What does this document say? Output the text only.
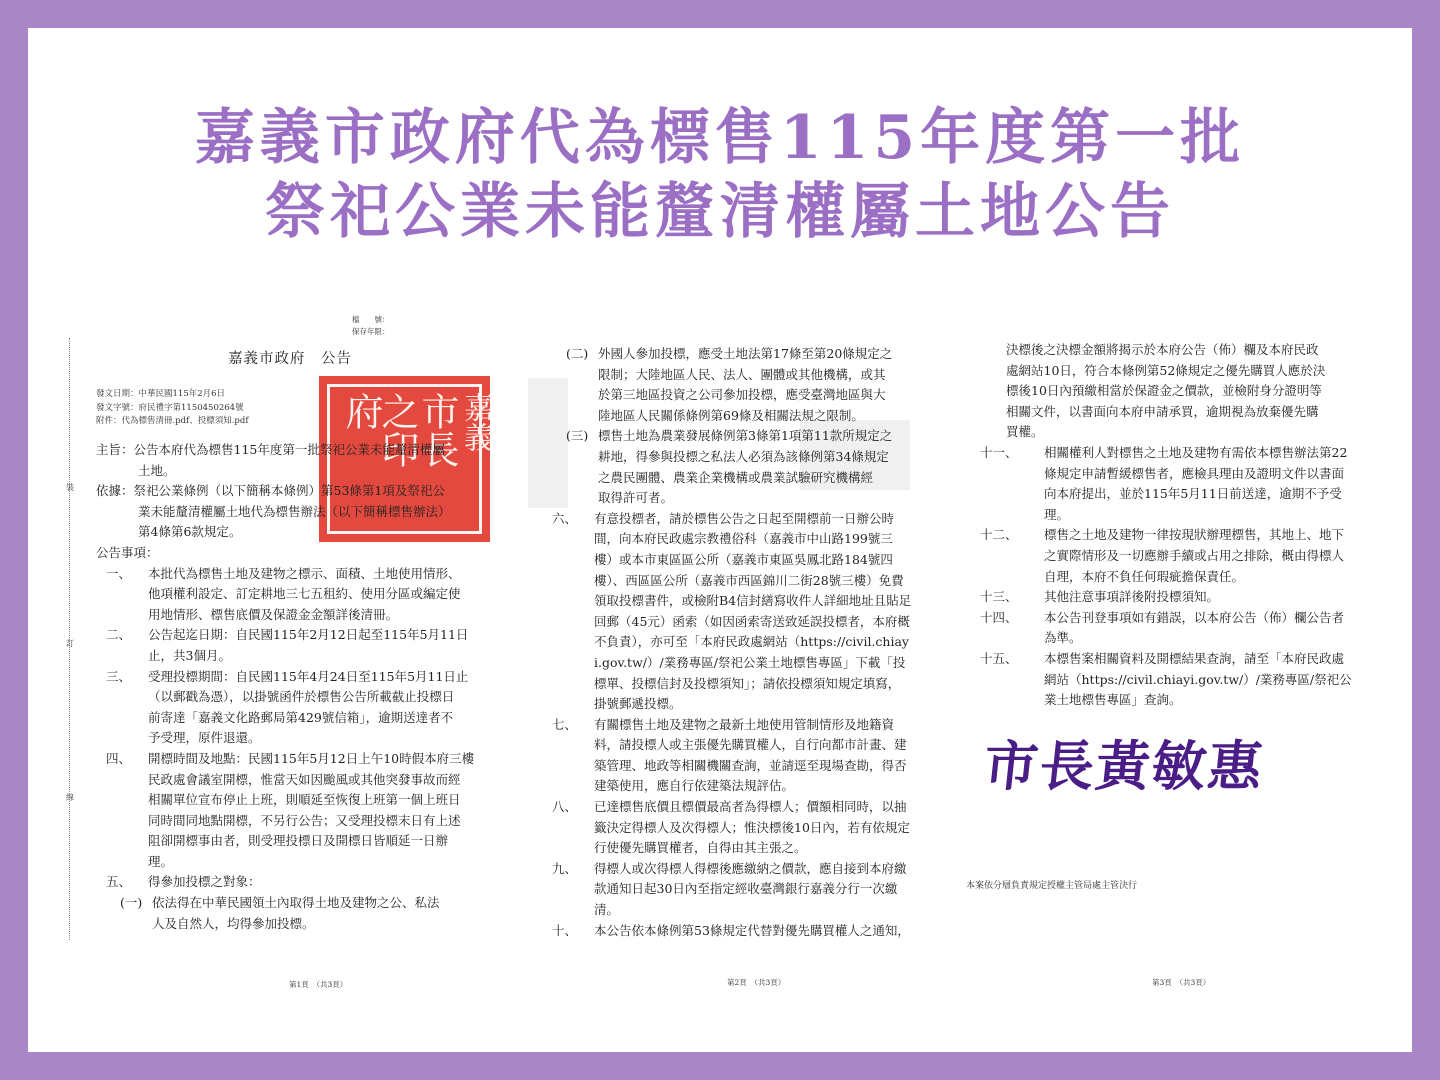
嘉義市政府代為標售115年度第一批
祭祀公業未能釐清權屬土地公告
檔　　號：
保存年限：
嘉義市政府　公告
裝
訂
線
發文日期：中華民國115年2月6日
發文字號：府民禮字第1150450264號
附件：代為標售清冊.pdf、投標須知.pdf 府
之印
市長 嘉義

主旨：公告本府代為標售115年度第一批祭祀公業未能釐清權屬

土地。

依據：祭祀公業條例（以下簡稱本條例）第53條第1項及祭祀公

業未能釐清權屬土地代為標售辦法（以下簡稱標售辦法）

第4條第6款規定。

公告事項：

一、 本批代為標售土地及建物之標示、面積、土地使用情形、

他項權利設定、訂定耕地三七五租約、使用分區或編定使

用地情形、標售底價及保證金金額詳後清冊。

二、 公告起迄日期：自民國115年2月12日起至115年5月11日

止，共3個月。

三、 受理投標期間：自民國115年4月24日至115年5月11日止

（以郵戳為憑），以掛號函件於標售公告所載截止投標日

前寄達「嘉義文化路郵局第429號信箱」，逾期送達者不

予受理，原件退還。

四、 開標時間及地點：民國115年5月12日上午10時假本府三樓

民政處會議室開標，惟當天如因颱風或其他突發事故而經

相關單位宣布停止上班，則順延至恢復上班第一個上班日

同時間同地點開標，不另行公告；又受理投標末日有上述

阻卻開標事由者，則受理投標日及開標日皆順延一日辦

理。

五、 得參加投標之對象：

(一) 依法得在中華民國領土內取得土地及建物之公、私法

人及自然人，均得參加投標。

第1頁　（共3頁）
(二) 外國人參加投標，應受土地法第17條至第20條規定之

限制；大陸地區人民、法人、團體或其他機構，或其

於第三地區投資之公司參加投標，應受臺灣地區與大

陸地區人民關係條例第69條及相關法規之限制。

(三) 標售土地為農業發展條例第3條第1項第11款所規定之

耕地，得參與投標之私法人必須為該條例第34條規定

之農民團體、農業企業機構或農業試驗研究機構經

取得許可者。

六、 有意投標者，請於標售公告之日起至開標前一日辦公時

間，向本府民政處宗教禮俗科（嘉義市中山路199號三

樓）或本市東區區公所（嘉義市東區吳鳳北路184號四

樓）、西區區公所（嘉義市西區錦川二街28號三樓）免費

領取投標書件，或檢附B4信封繕寫收件人詳細地址且貼足

回郵（45元）函索（如因函索寄送致延誤投標者，本府概

不負責），亦可至「本府民政處網站（https://civil.chiay

i.gov.tw/）/業務專區/祭祀公業土地標售專區」下載「投

標單、投標信封及投標須知」；請依投標須知規定填寫，

掛號郵遞投標。

七、 有關標售土地及建物之最新土地使用管制情形及地籍資

料，請投標人或主張優先購買權人，自行向都市計畫、建

築管理、地政等相關機關查詢，並請逕至現場查勘，得否

建築使用，應自行依建築法規評估。

八、 已達標售底價且標價最高者為得標人；價額相同時，以抽

籤決定得標人及次得標人；惟決標後10日內，若有依規定

行使優先購買權者，自得由其主張之。

九、 得標人或次得標人得標後應繳納之價款，應自接到本府繳

款通知日起30日內至指定經收臺灣銀行嘉義分行一次繳

清。

十、 本公告依本條例第53條規定代替對優先購買權人之通知，

第2頁　（共3頁）

決標後之決標金額將揭示於本府公告（佈）欄及本府民政

處網站10日，符合本條例第52條規定之優先購買人應於決

標後10日內預繳相當於保證金之價款，並檢附身分證明等

相關文件，以書面向本府申請承買，逾期視為放棄優先購

買權。

十一、 相關權利人對標售之土地及建物有需依本標售辦法第22

條規定申請暫緩標售者，應檢具理由及證明文件以書面

向本府提出，並於115年5月11日前送達，逾期不予受

理。

十二、 標售之土地及建物一律按現狀辦理標售，其地上、地下

之實際情形及一切應辦手續或占用之排除，概由得標人

自理，本府不負任何瑕疵擔保責任。

十三、 其他注意事項詳後附投標須知。

十四、 本公告刊登事項如有錯誤，以本府公告（佈）欄公告者

為準。

十五、 本標售案相關資料及開標結果查詢，請至「本府民政處

網站（https://civil.chiayi.gov.tw/）/業務專區/祭祀公

業土地標售專區」查詢。

市長黃敏惠
本案依分層負責規定授權主管局處主管決行
第3頁　（共3頁）
